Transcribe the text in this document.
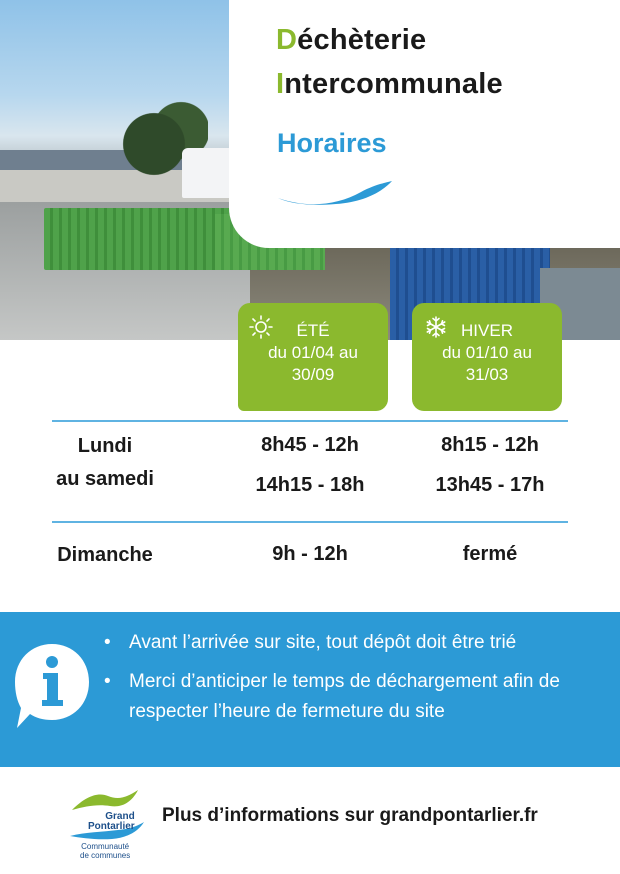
Déchèterie
Intercommunale
Horaires
ÉTÉ
du 01/04 au
30/09
HIVER
du 01/10 au
31/03
Lundi
au samedi
8h45 - 12h
14h15 - 18h
8h15 - 12h
13h45 - 17h
Dimanche	9h - 12h	fermé
• Avant l’arrivée sur site, tout dépôt doit être trié
• Merci d’anticiper le temps de déchargement afin de respecter l’heure de fermeture du site
Grand
Pontarlier
Communauté
de communes
Plus d’informations sur grandpontarlier.fr
